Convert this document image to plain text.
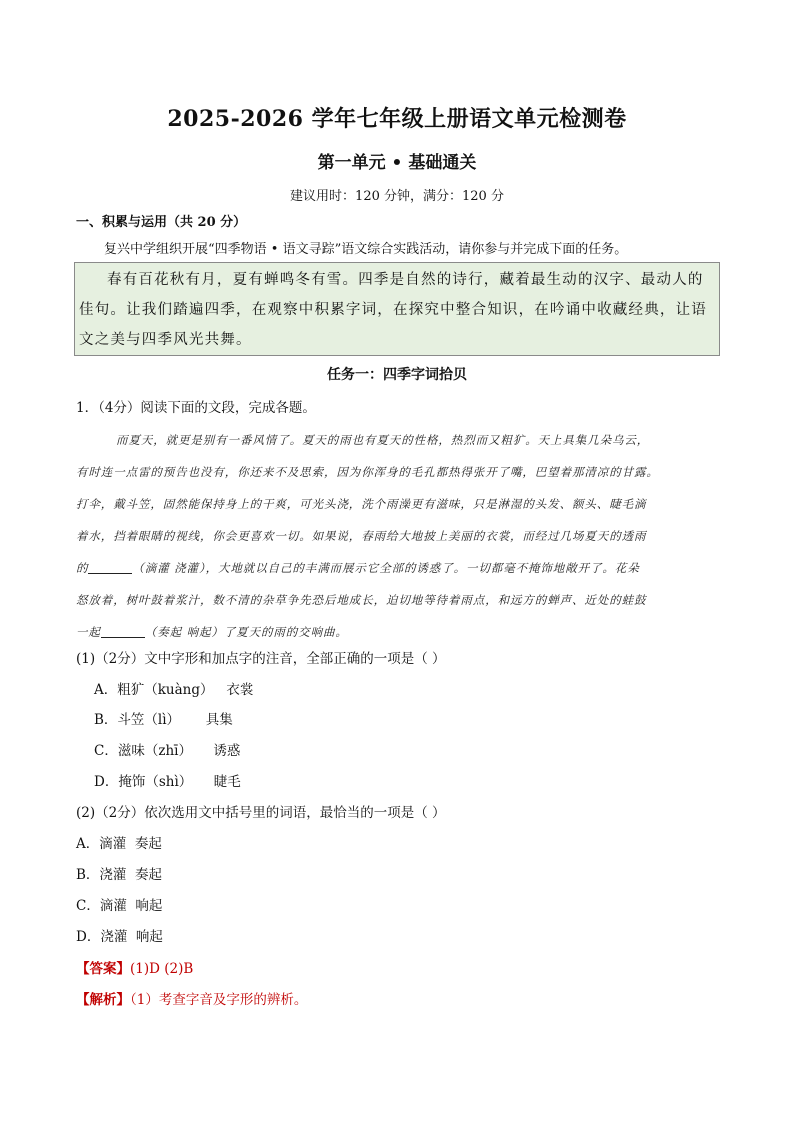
2025-2026 学年七年级上册语文单元检测卷
第一单元 • 基础通关
建议用时：120 分钟，满分：120 分
一、积累与运用（共 20 分）
复兴中学组织开展“四季物语 • 语文寻踪”语文综合实践活动，请你参与并完成下面的任务。
春有百花秋有月，夏有蝉鸣冬有雪。四季是自然的诗行，藏着最生动的汉字、最动人的
佳句。让我们踏遍四季，在观察中积累字词，在探究中整合知识，在吟诵中收藏经典，让语
文之美与四季风光共舞。
任务一：四季字词拾贝
1．（4分）阅读下面的文段，完成各题。
而夏天，就更是别有一番风情了。夏天的雨也有夏天的性格，热烈而又粗犷。天上具集几朵乌云，
有时连一点雷的预告也没有，你还来不及思索，因为你浑身的毛孔都热得张开了嘴，巴望着那清凉的甘露。
打伞，戴斗笠，固然能保持身上的干爽，可光头浇，洗个雨澡更有滋味，只是淋湿的头发、额头、睫毛滴
着水，挡着眼睛的视线，你会更喜欢一切。如果说，春雨给大地披上美丽的衣裳，而经过几场夏天的透雨
的	（滴灌 浇灌），大地就以自己的丰满而展示它全部的诱惑了。一切都毫不掩饰地敞开了。花朵
怒放着，树叶鼓着浆汁，数不清的杂草争先恐后地成长，迫切地等待着雨点，和远方的蝉声、近处的蛙鼓
一起	（奏起 响起）了夏天的雨的交响曲。
(1)（2分）文中字形和加点字的注音，全部正确的一项是（ ）
A．粗犷（kuàng）   衣裳
B．斗笠（lì）      具集
C．滋味（zhī）     诱惑
D．掩饰（shì）     睫毛
(2)（2分）依次选用文中括号里的词语，最恰当的一项是（ ）
A．滴灌  奏起
B．浇灌  奏起
C．滴灌  响起
D．浇灌  响起
【答案】(1)D (2)B
【解析】（1）考查字音及字形的辨析。
